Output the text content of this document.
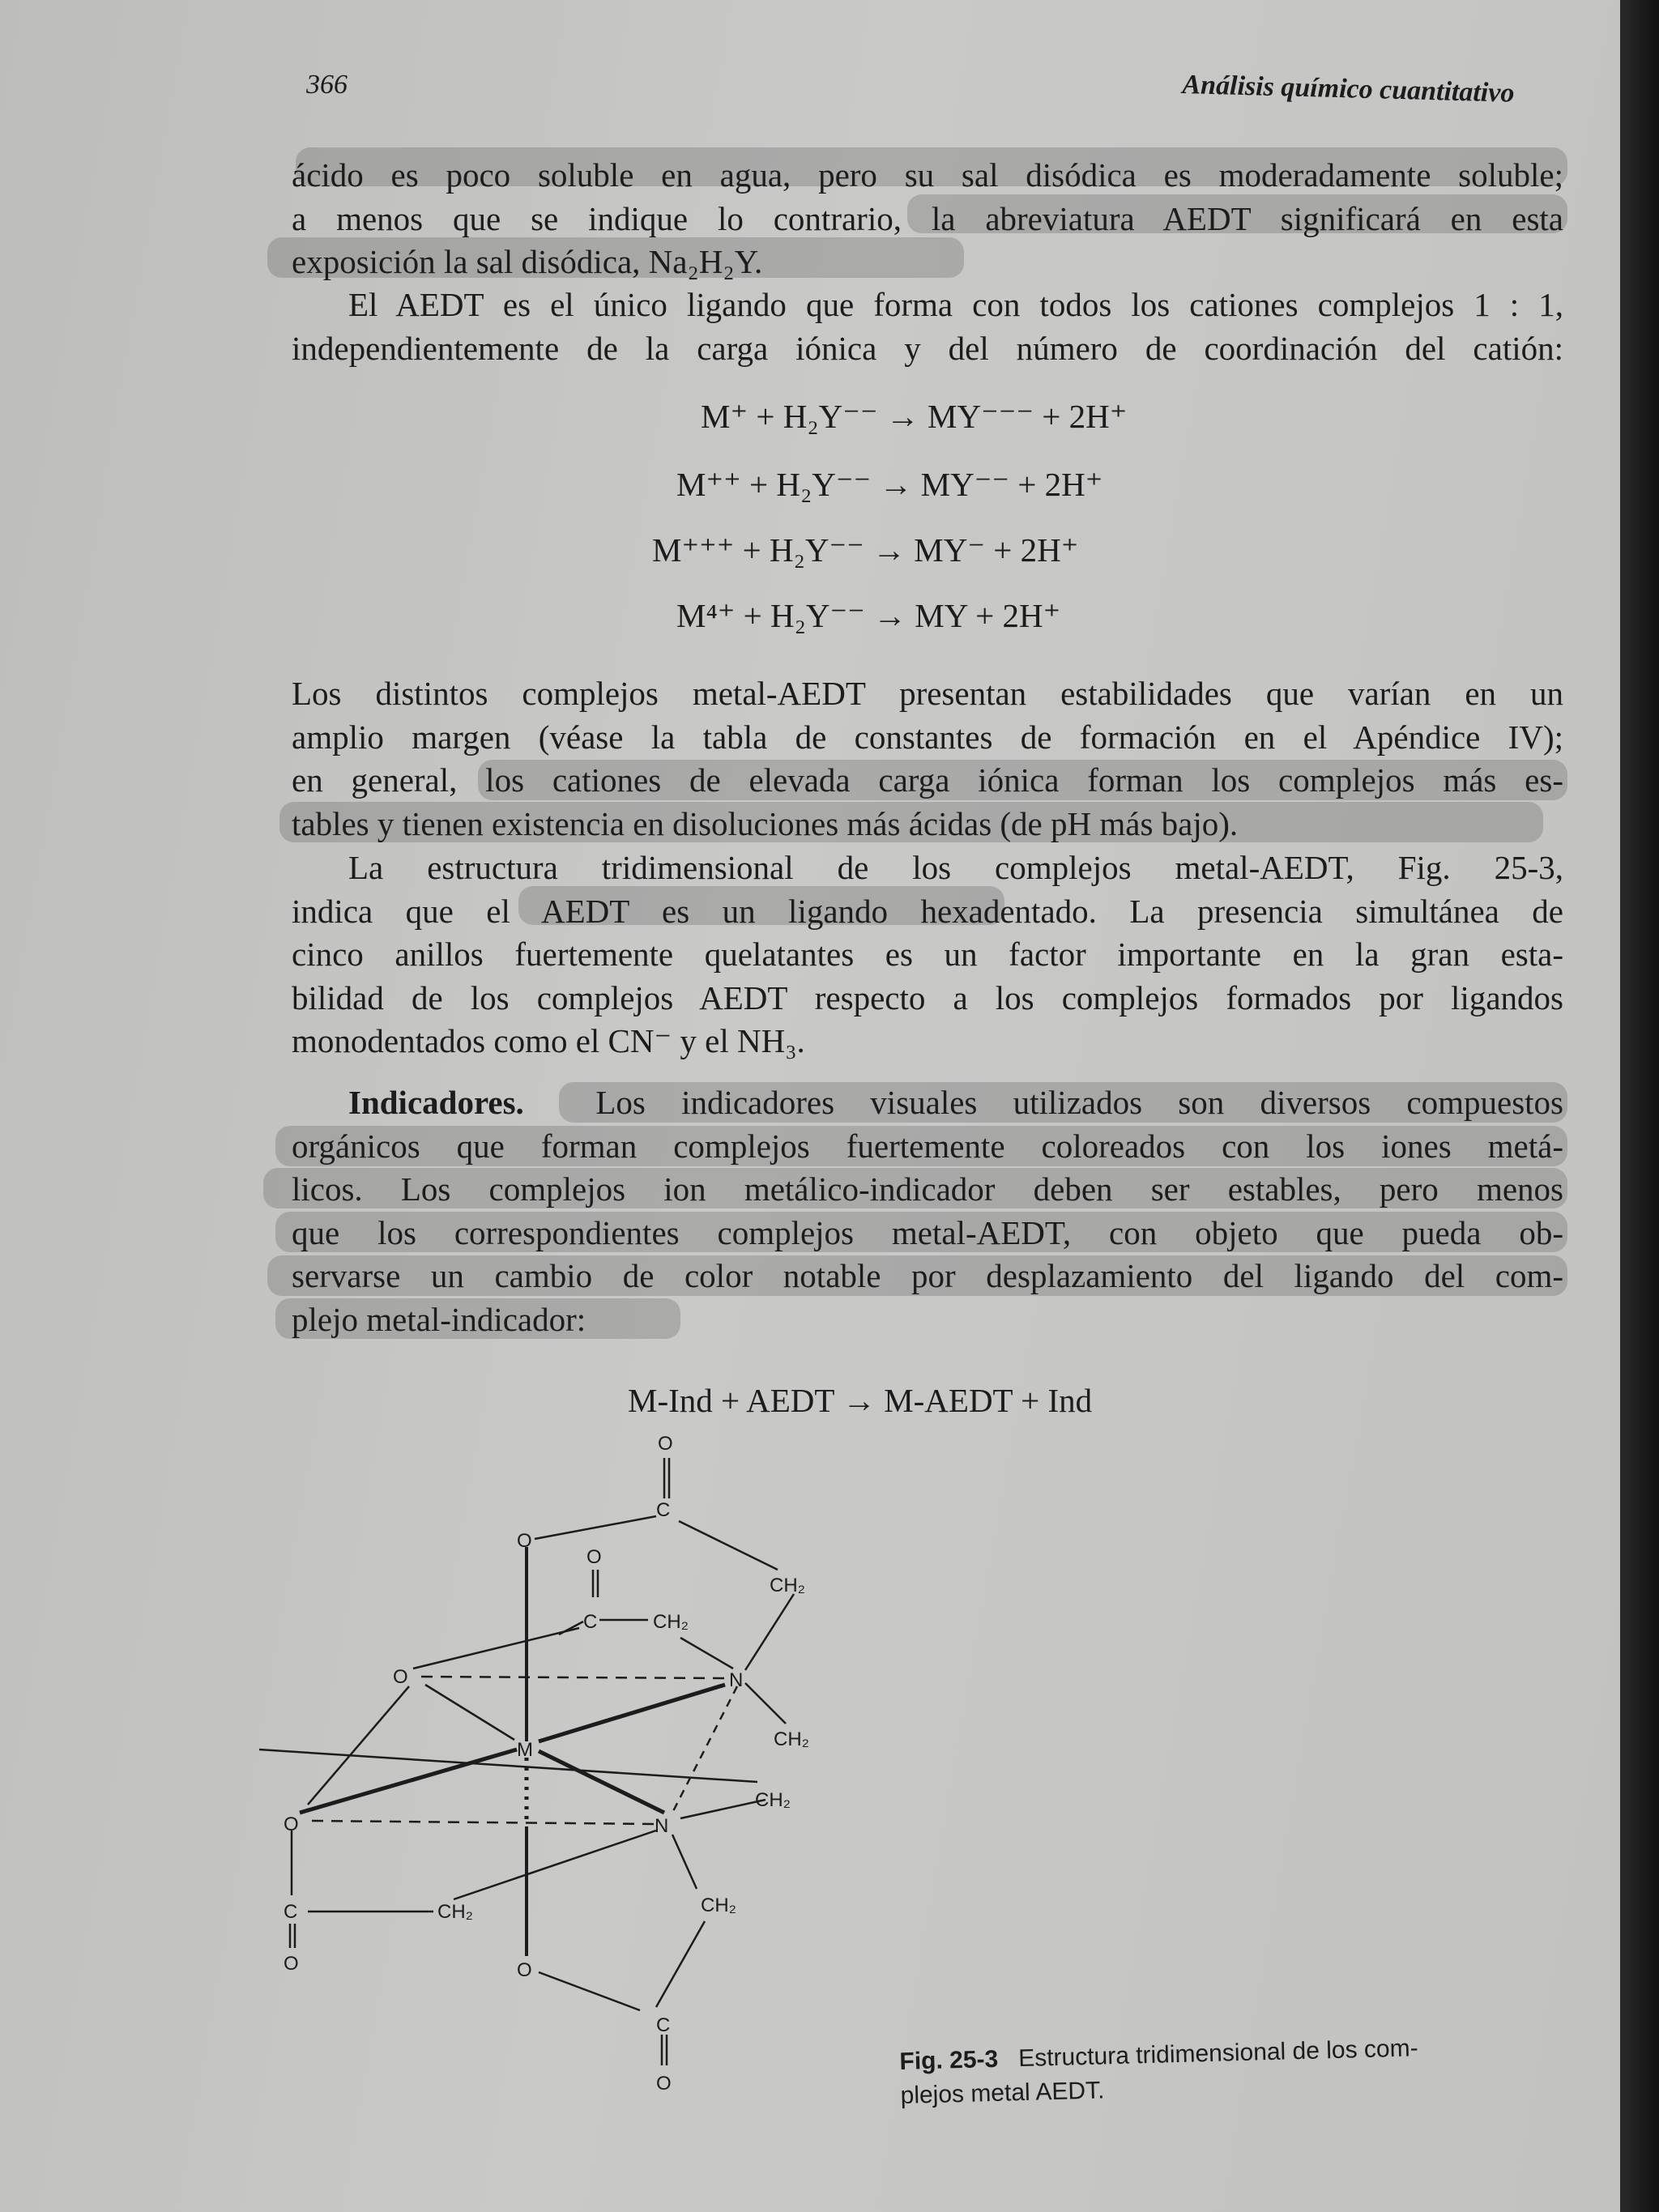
366	Análisis químico cuantitativo
ácido es poco soluble en agua, pero su sal disódica es moderadamente soluble;
a menos que se indique lo contrario, la abreviatura AEDT significará en esta
exposición la sal disódica, Na₂H₂Y.
El AEDT es el único ligando que forma con todos los cationes complejos 1 : 1,
independientemente de la carga iónica y del número de coordinación del catión:
M⁺ + H₂Y⁻⁻ → MY⁻⁻⁻ + 2H⁺
M⁺⁺ + H₂Y⁻⁻ → MY⁻⁻ + 2H⁺
M⁺⁺⁺ + H₂Y⁻⁻ → MY⁻ + 2H⁺
M⁴⁺ + H₂Y⁻⁻ → MY + 2H⁺
Los distintos complejos metal-AEDT presentan estabilidades que varían en un
amplio margen (véase la tabla de constantes de formación en el Apéndice IV);
en general, los cationes de elevada carga iónica forman los complejos más es-
tables y tienen existencia en disoluciones más ácidas (de pH más bajo).
La estructura tridimensional de los complejos metal-AEDT, Fig. 25-3,
indica que el AEDT es un ligando hexadentado. La presencia simultánea de
cinco anillos fuertemente quelatantes es un factor importante en la gran esta-
bilidad de los complejos AEDT respecto a los complejos formados por ligandos
monodentados como el CN⁻ y el NH₃.
Indicadores. Los indicadores visuales utilizados son diversos compuestos
orgánicos que forman complejos fuertemente coloreados con los iones metá-
licos. Los complejos ion metálico-indicador deben ser estables, pero menos
que los correspondientes complejos metal-AEDT, con objeto que pueda ob-
servarse un cambio de color notable por desplazamiento del ligando del com-
plejo metal-indicador:
M-Ind + AEDT → M-AEDT + Ind
O
C
O
O
CH₂
C	CH₂
O	N
CH₂
M
CH₂
O	N
C	CH₂	CH₂
O	O
C
O
Fig. 25-3 Estructura tridimensional de los com-
plejos metal AEDT.
